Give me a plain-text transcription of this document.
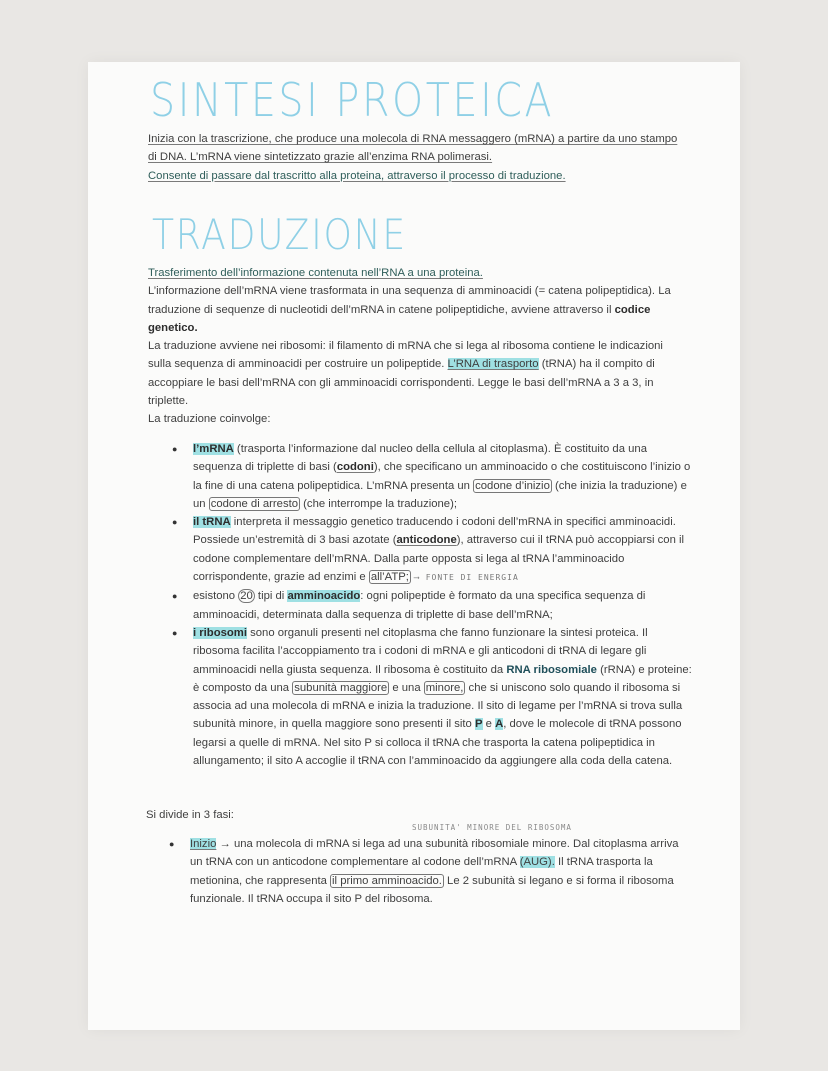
SINTESI PROTEICA

Inizia con la trascrizione, che produce una molecola di RNA messaggero (mRNA) a partire da uno stampo di DNA. L’mRNA viene sintetizzato grazie all’enzima RNA polimerasi.
Consente di passare dal trascritto alla proteina, attraverso il processo di traduzione.

TRADUZIONE

Trasferimento dell’informazione contenuta nell’RNA a una proteina.
L’informazione dell’mRNA viene trasformata in una sequenza di amminoacidi (= catena polipeptidica). La traduzione di sequenze di nucleotidi dell’mRNA in catene polipeptidiche, avviene attraverso il codice genetico.
La traduzione avviene nei ribosomi: il filamento di mRNA che si lega al ribosoma contiene le indicazioni sulla sequenza di amminoacidi per costruire un polipeptide. L’RNA di trasporto (tRNA) ha il compito di accoppiare le basi dell’mRNA con gli amminoacidi corrispondenti. Legge le basi dell’mRNA a 3 a 3, in triplette.
La traduzione coinvolge:

● l’mRNA (trasporta l’informazione dal nucleo della cellula al citoplasma). È costituito da una sequenza di triplette di basi (codoni), che specificano un amminoacido o che costituiscono l’inizio o la fine di una catena polipeptidica. L’mRNA presenta un codone d’inizio (che inizia la traduzione) e un codone di arresto (che interrompe la traduzione);
● il tRNA interpreta il messaggio genetico traducendo i codoni dell’mRNA in specifici amminoacidi. Possiede un’estremità di 3 basi azotate (anticodone), attraverso cui il tRNA può accoppiarsi con il codone complementare dell’mRNA. Dalla parte opposta si lega al tRNA l’amminoacido corrispondente, grazie ad enzimi e all’ATP; ⟶ FONTE DI ENERGIA
● esistono 20 tipi di amminoacido: ogni polipeptide è formato da una specifica sequenza di amminoacidi, determinata dalla sequenza di triplette di base dell’mRNA;
● i ribosomi sono organuli presenti nel citoplasma che fanno funzionare la sintesi proteica. Il ribosoma facilita l’accoppiamento tra i codoni di mRNA e gli anticodoni di tRNA di legare gli amminoacidi nella giusta sequenza. Il ribosoma è costituito da RNA ribosomiale (rRNA) e proteine: è composto da una subunità maggiore e una minore, che si uniscono solo quando il ribosoma si associa ad una molecola di mRNA e inizia la traduzione. Il sito di legame per l’mRNA si trova sulla subunità minore, in quella maggiore sono presenti il sito P e A, dove le molecole di tRNA possono legarsi a quelle di mRNA. Nel sito P si colloca il tRNA che trasporta la catena polipeptidica in allungamento; il sito A accoglie il tRNA con l’amminoacido da aggiungere alla coda della catena.

Si divide in 3 fasi:

SUBUNITA' MINORE DEL RIBOSOMA
● Inizio → una molecola di mRNA si lega ad una subunità ribosomiale minore. Dal citoplasma arriva un tRNA con un anticodone complementare al codone dell’mRNA (AUG). Il tRNA trasporta la metionina, che rappresenta il primo amminoacido. Le 2 subunità si legano e si forma il ribosoma funzionale. Il tRNA occupa il sito P del ribosoma.
